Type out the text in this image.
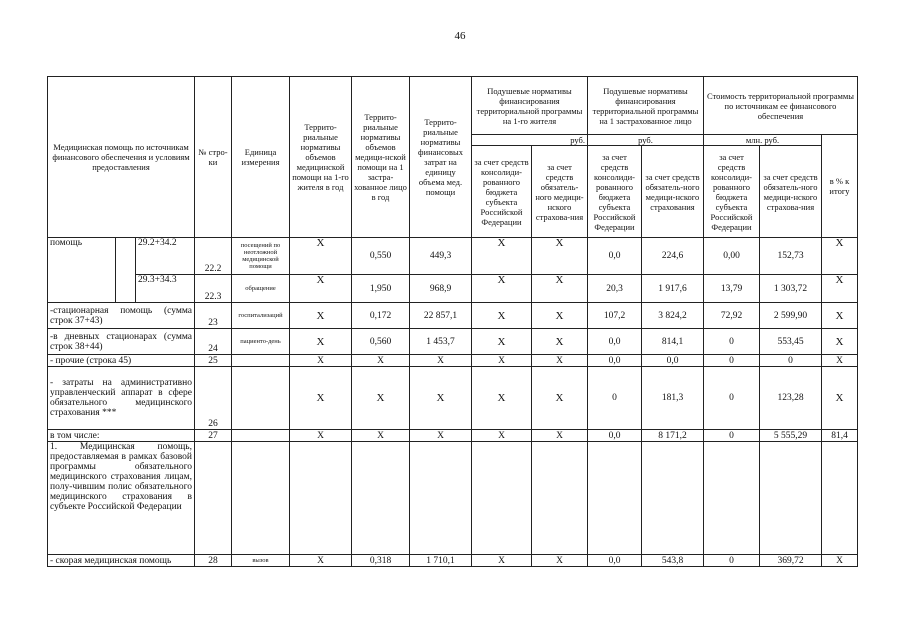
46
Медицинская помощь по источникам финансового обеспечения и условиям предоставления			№ стро-ки	Единица измерения	Террито-риальные нормативы объемов медицинской помощи на 1-го жителя в год	Террито-риальные нормативы объемов медици-нской помощи на 1 застра-хованное лицо в год	Террито-риальные нормативы финансовых затрат на единицу объема мед. помощи	Подушевые нормативы финансирования территориальной программы на 1-го жителя		Подушевые нормативы финансирования территориальной программы на 1 застрахованное лицо		Стоимость территориальной программы по источникам ее финансового обеспечения		
								руб.		руб.		млн. руб.		в % к итогу
								за счет средств консолиди-рованного бюджета субъекта Российской Федерации	за счет средств обязатель-ного медици-нского страхова-ния	за счет средств консолиди-рованного бюджета субъекта Российской Федерации	за счет средств обязатель-ного медици-нского страхования	за счет средств консолиди-рованного бюджета субъекта Российской Федерации	за счет средств обязатель-ного медици-нского страхова-ния	
помощь		29.2+34.2	22.2	посещений по неотложной медицинской помощи	X	0,550	449,3	X	X	0,0	224,6	0,00	152,73	X
		29.3+34.3	22.3	обращение	X	1,950	968,9	X	X	20,3	1 917,6	13,79	1 303,72	X
-стационарная помощь (сумма строк 37+43)			23	госпитализаций	X	0,172	22 857,1	X	X	107,2	3 824,2	72,92	2 599,90	X
-в дневных стационарах (сумма строк 38+44)			24	пациенто-день	X	0,560	1 453,7	X	X	0,0	814,1	0	553,45	X
- прочие (строка 45)			25		X	X	X	X	X	0,0	0,0	0	0	X
- затраты на административно управленческий аппарат в сфере обязательного медицинского страхования ***			26		X	X	X	X	X	0	181,3	0	123,28	X
в том числе:			27		X	X	X	X	X	0,0	8 171,2	0	5 555,29	81,4
1. Медицинская помощь, предоставляемая в рамках базовой программы обязательного медицинского страхования лицам, полу-чившим полис обязательного медицинского страхования в субъекте Российской Федерации														
- скорая медицинская помощь			28	вызов	X	0,318	1 710,1	X	X	0,0	543,8	0	369,72	X
